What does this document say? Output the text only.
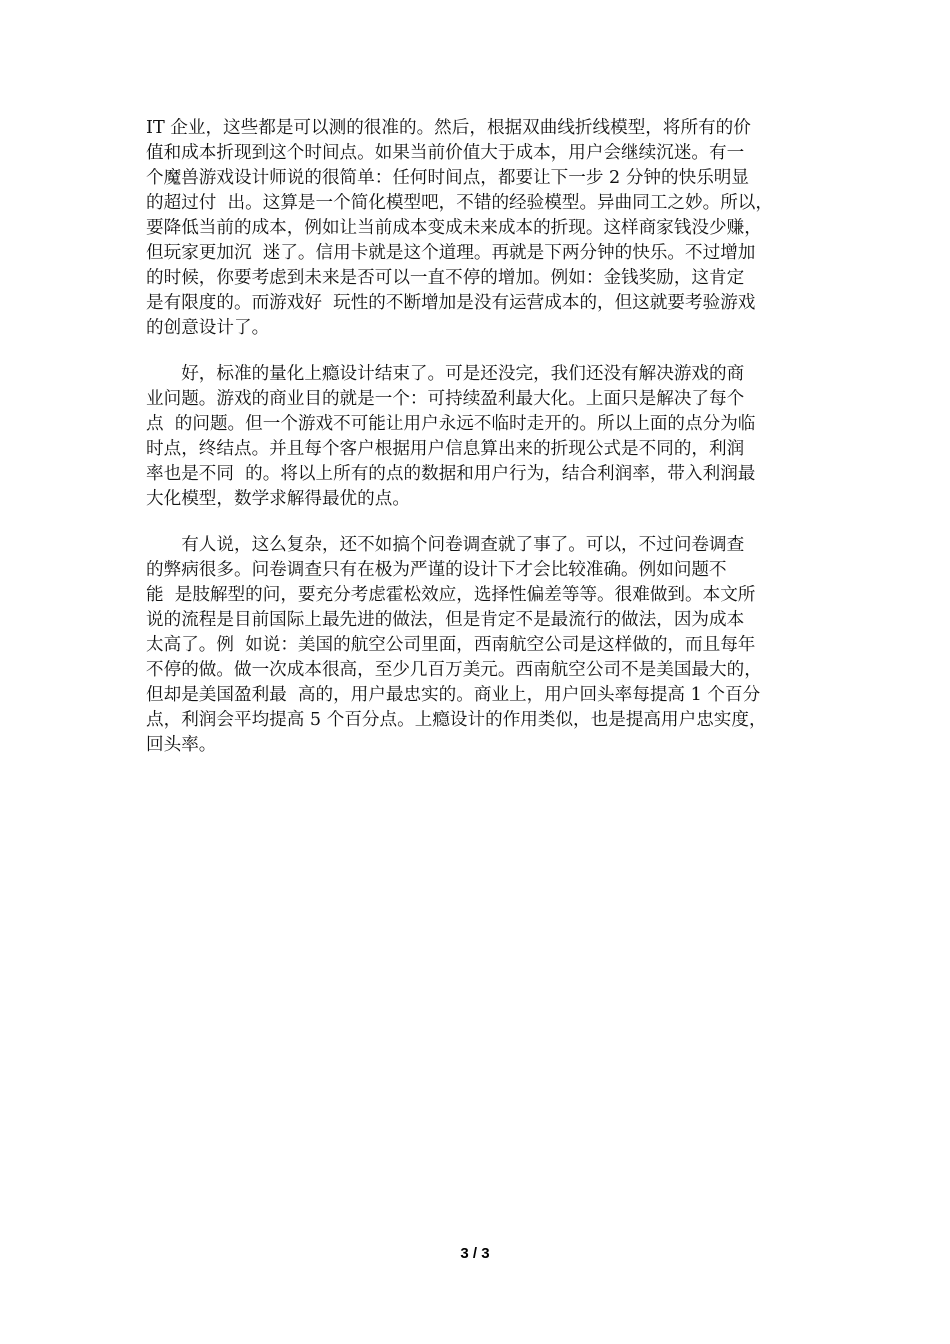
IT 企业，这些都是可以测的很准的。然后，根据双曲线折线模型，将所有的价
值和成本折现到这个时间点。如果当前价值大于成本，用户会继续沉迷。有一
个魔兽游戏设计师说的很简单：任何时间点，都要让下一步 2 分钟的快乐明显
的超过付  出。这算是一个简化模型吧，不错的经验模型。异曲同工之妙。所以，
要降低当前的成本，例如让当前成本变成未来成本的折现。这样商家钱没少赚，
但玩家更加沉  迷了。信用卡就是这个道理。再就是下两分钟的快乐。不过增加
的时候，你要考虑到未来是否可以一直不停的增加。例如：金钱奖励，这肯定
是有限度的。而游戏好  玩性的不断增加是没有运营成本的，但这就要考验游戏
的创意设计了。
　　好，标准的量化上瘾设计结束了。可是还没完，我们还没有解决游戏的商
业问题。游戏的商业目的就是一个：可持续盈利最大化。上面只是解决了每个
点  的问题。但一个游戏不可能让用户永远不临时走开的。所以上面的点分为临
时点，终结点。并且每个客户根据用户信息算出来的折现公式是不同的，利润
率也是不同  的。将以上所有的点的数据和用户行为，结合利润率，带入利润最
大化模型，数学求解得最优的点。
　　有人说，这么复杂，还不如搞个问卷调查就了事了。可以，不过问卷调查
的弊病很多。问卷调查只有在极为严谨的设计下才会比较准确。例如问题不
能  是肢解型的问，要充分考虑霍松效应，选择性偏差等等。很难做到。本文所
说的流程是目前国际上最先进的做法，但是肯定不是最流行的做法，因为成本
太高了。例  如说：美国的航空公司里面，西南航空公司是这样做的，而且每年
不停的做。做一次成本很高，至少几百万美元。西南航空公司不是美国最大的，
但却是美国盈利最  高的，用户最忠实的。商业上，用户回头率每提高 1 个百分
点，利润会平均提高 5 个百分点。上瘾设计的作用类似，也是提高用户忠实度，
回头率。
3 / 3
